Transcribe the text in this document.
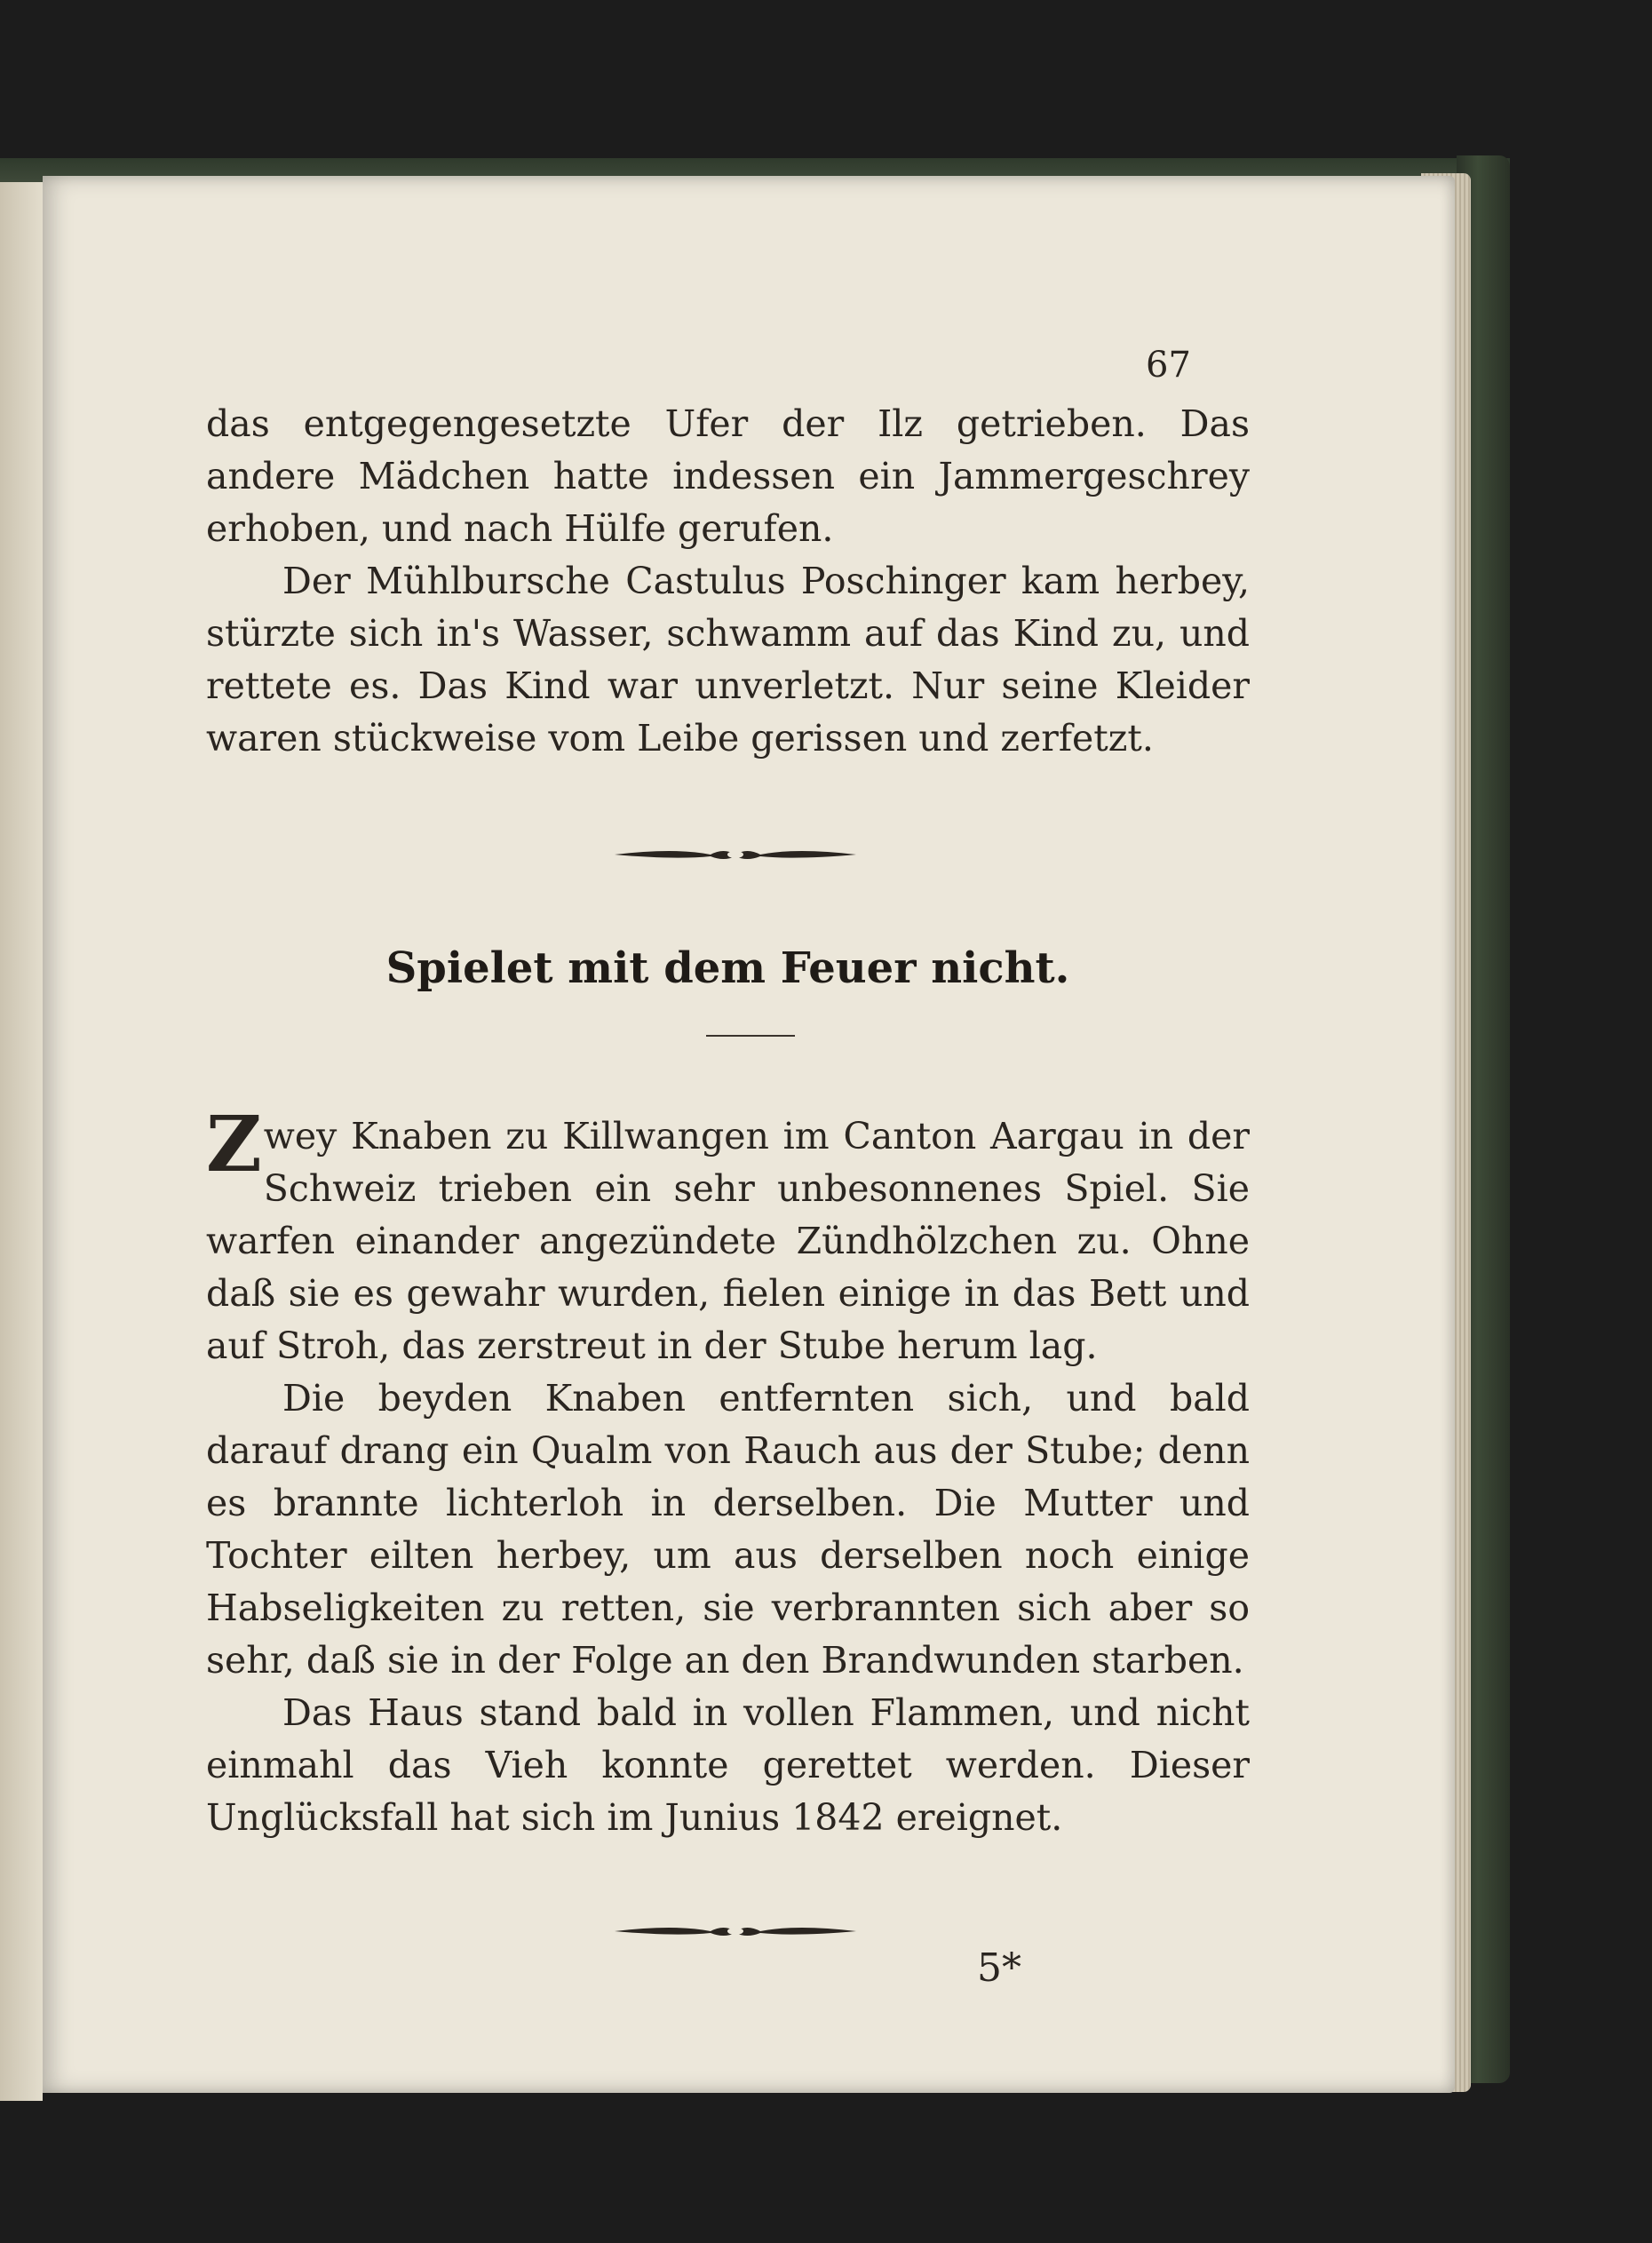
67

das entgegengesetzte Ufer der Ilz getrieben. Das andere Mädchen hatte indessen ein Jammergeschrey erhoben, und nach Hülfe gerufen.

Der Mühlbursche Castulus Poschinger kam herbey, stürzte sich in's Wasser, schwamm auf das Kind zu, und rettete es. Das Kind war unverletzt. Nur seine Kleider waren stückweise vom Leibe gerissen und zerfetzt.

Spielet mit dem Feuer nicht.

Zwey Knaben zu Killwangen im Canton Aargau in der Schweiz trieben ein sehr unbesonnenes Spiel. Sie warfen einander angezündete Zündhölzchen zu. Ohne daß sie es gewahr wurden, fielen einige in das Bett und auf Stroh, das zerstreut in der Stube herum lag.

Die beyden Knaben entfernten sich, und bald darauf drang ein Qualm von Rauch aus der Stube; denn es brannte lichterloh in derselben. Die Mutter und Tochter eilten herbey, um aus derselben noch einige Habseligkeiten zu retten, sie verbrannten sich aber so sehr, daß sie in der Folge an den Brandwunden starben.

Das Haus stand bald in vollen Flammen, und nicht einmahl das Vieh konnte gerettet werden. Dieser Unglücksfall hat sich im Junius 1842 ereignet.

5*
